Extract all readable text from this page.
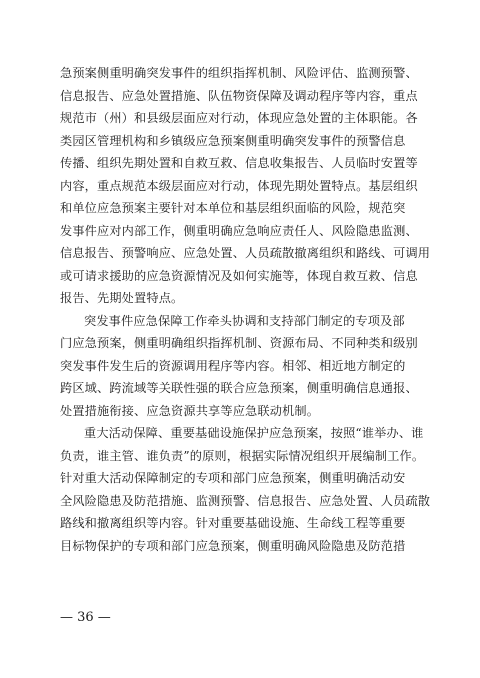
急预案侧重明确突发事件的组织指挥机制、风险评估、监测预警、
信息报告、应急处置措施、队伍物资保障及调动程序等内容，重点
规范市（州）和县级层面应对行动，体现应急处置的主体职能。各
类园区管理机构和乡镇级应急预案侧重明确突发事件的预警信息
传播、组织先期处置和自救互救、信息收集报告、人员临时安置等
内容，重点规范本级层面应对行动，体现先期处置特点。基层组织
和单位应急预案主要针对本单位和基层组织面临的风险，规范突
发事件应对内部工作，侧重明确应急响应责任人、风险隐患监测、
信息报告、预警响应、应急处置、人员疏散撤离组织和路线、可调用
或可请求援助的应急资源情况及如何实施等，体现自救互救、信息
报告、先期处置特点。
突发事件应急保障工作牵头协调和支持部门制定的专项及部
门应急预案，侧重明确组织指挥机制、资源布局、不同种类和级别
突发事件发生后的资源调用程序等内容。相邻、相近地方制定的
跨区域、跨流域等关联性强的联合应急预案，侧重明确信息通报、
处置措施衔接、应急资源共享等应急联动机制。
重大活动保障、重要基础设施保护应急预案，按照“谁举办、谁
负责，谁主管、谁负责”的原则，根据实际情况组织开展编制工作。
针对重大活动保障制定的专项和部门应急预案，侧重明确活动安
全风险隐患及防范措施、监测预警、信息报告、应急处置、人员疏散
路线和撤离组织等内容。针对重要基础设施、生命线工程等重要
目标物保护的专项和部门应急预案，侧重明确风险隐患及防范措
— 36 —
